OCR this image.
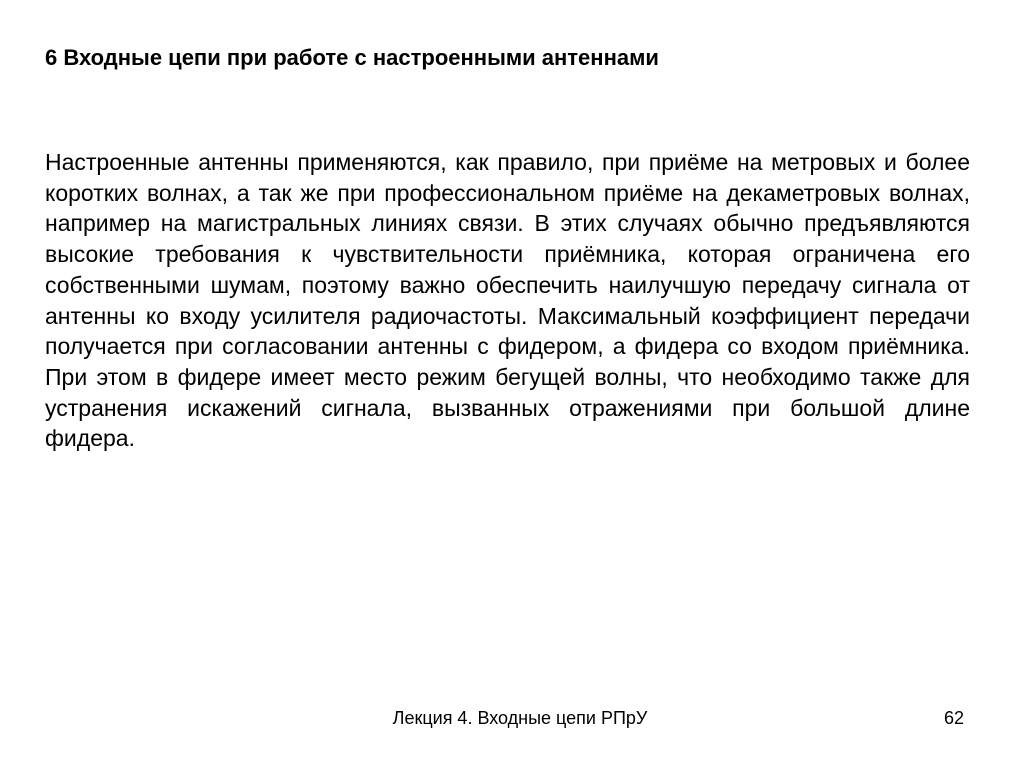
6 Входные цепи при работе с настроенными антеннами

Настроенные антенны применяются, как правило, при приёме на метровых и более коротких волнах, а так же при профессиональном приёме на декаметровых волнах, например на магистральных линиях связи. В этих случаях обычно предъявляются высокие требования к чувствительности приёмника, которая ограничена его собственными шумам, поэтому важно обеспечить наилучшую передачу сигнала от антенны ко входу усилителя радиочастоты. Максимальный коэффициент передачи получается при согласовании антенны с фидером, а фидера со входом приёмника. При этом в фидере имеет место режим бегущей волны, что необходимо также для устранения искажений сигнала, вызванных отражениями при большой длине фидера.

Лекция 4. Входные цепи РПрУ	62
